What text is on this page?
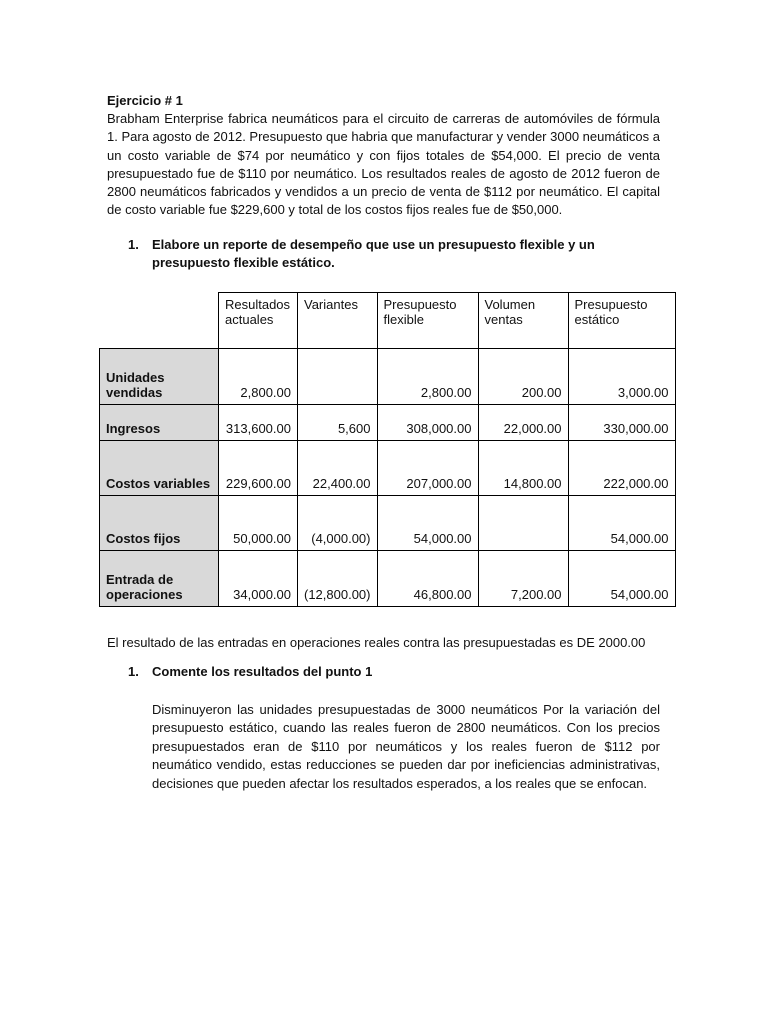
Ejercicio # 1

Brabham Enterprise fabrica neumáticos para el circuito de carreras de automóviles de fórmula 1. Para agosto de 2012. Presupuesto que habria que manufacturar y vender 3000 neumáticos a un costo variable de $74 por neumático y con fijos totales de $54,000. El precio de venta presupuestado fue de $110 por neumático. Los resultados reales de agosto de 2012 fueron de 2800 neumáticos fabricados y vendidos a un precio de venta de $112 por neumático. El capital de costo variable fue $229,600 y total de los costos fijos reales fue de $50,000.

1.	Elabore un reporte de desempeño que use un presupuesto flexible y un presupuesto flexible estático.
	Resultados actuales	Variantes	Presupuesto flexible	Volumen ventas	Presupuesto estático
Unidades vendidas	2,800.00		2,800.00	200.00	3,000.00
Ingresos	313,600.00	5,600	308,000.00	22,000.00	330,000.00
Costos variables	229,600.00	22,400.00	207,000.00	14,800.00	222,000.00
Costos fijos	50,000.00	(4,000.00)	54,000.00		54,000.00
Entrada de operaciones	34,000.00	(12,800.00)	46,800.00	7,200.00	54,000.00
El resultado de las entradas en operaciones reales contra las presupuestadas es DE 2000.00
1.	Comente los resultados del punto 1

Disminuyeron las unidades presupuestadas de 3000 neumáticos Por la variación del presupuesto estático, cuando las reales fueron de 2800 neumáticos. Con los precios presupuestados eran de $110 por neumáticos y los reales fueron de $112 por neumático vendido, estas reducciones se pueden dar por ineficiencias administrativas, decisiones que pueden afectar los resultados esperados, a los reales que se enfocan.
